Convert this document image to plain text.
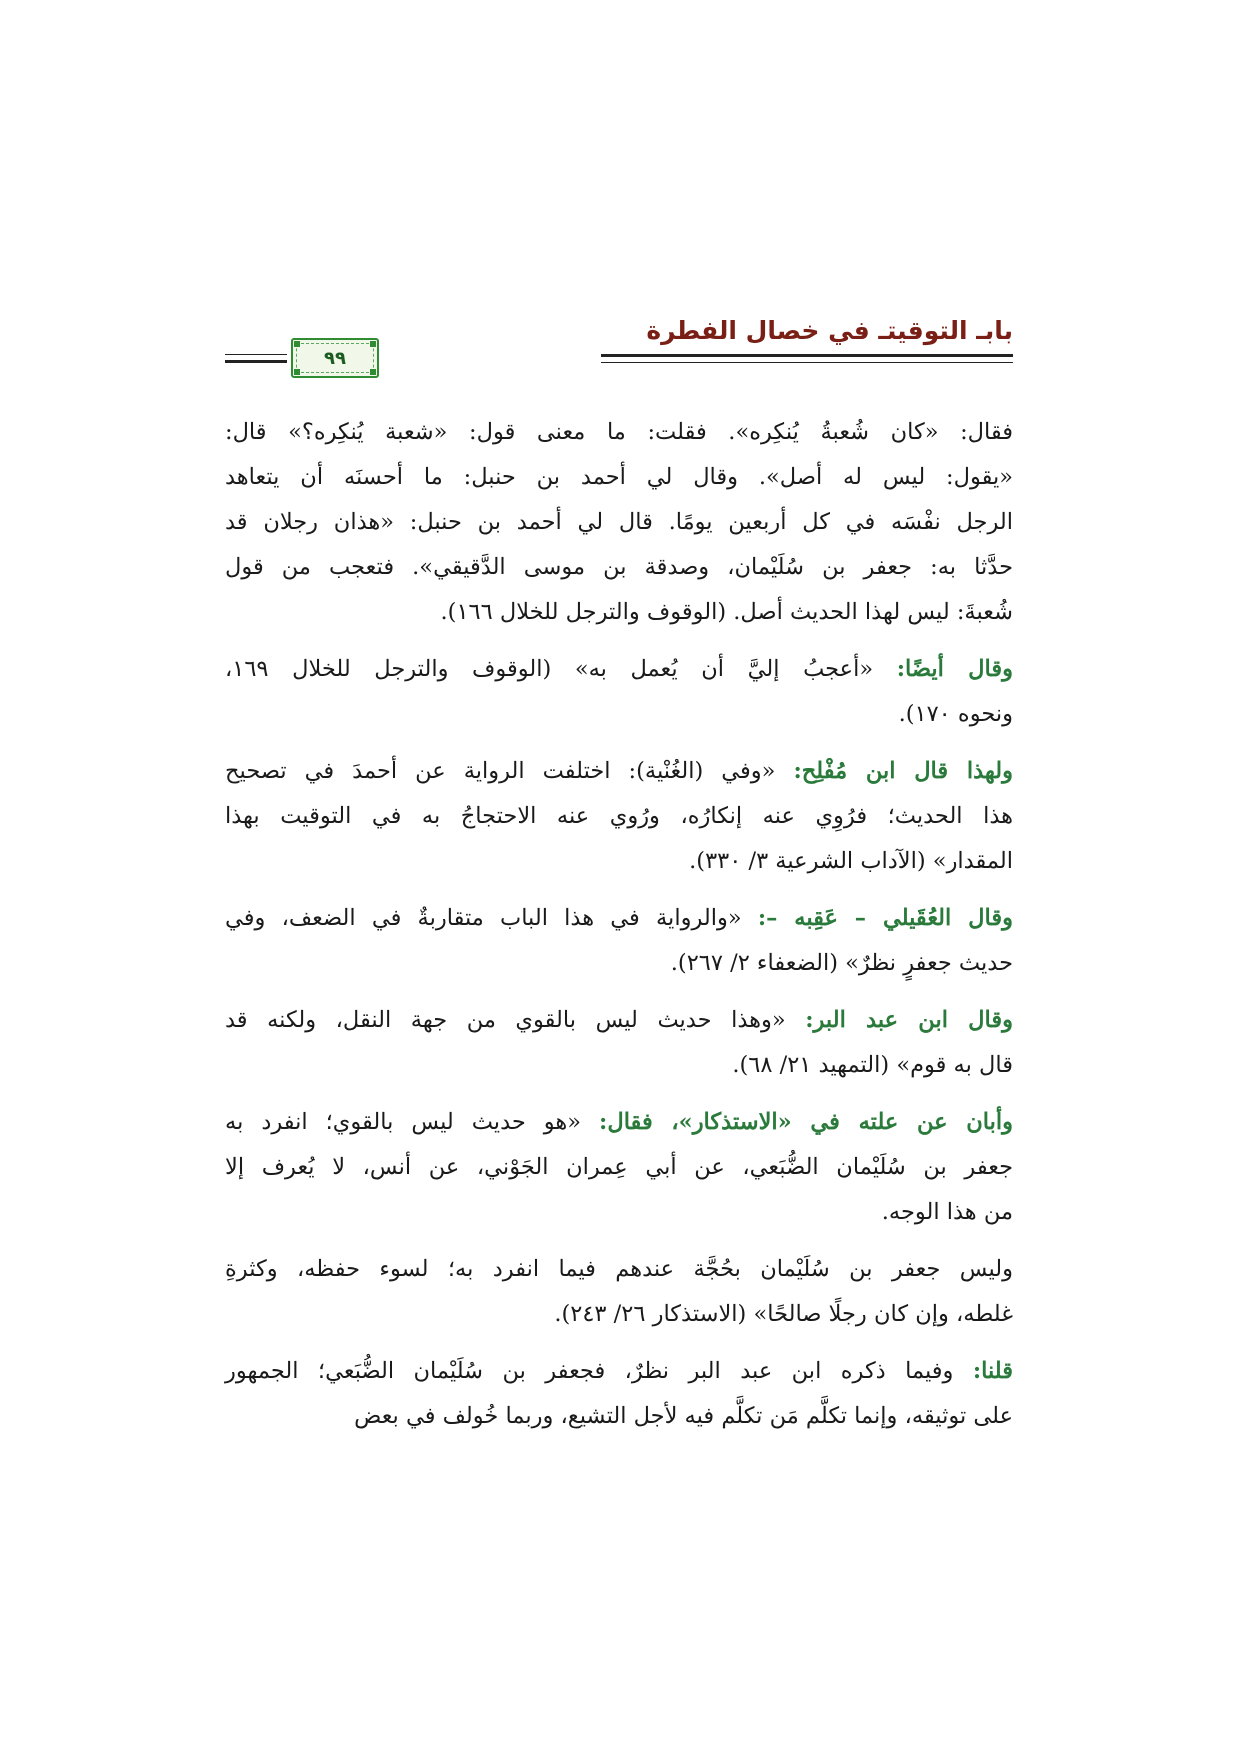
بابـ التوقيتـ في خصال الفطرة
٩٩
فقال: «كان شُعبةُ يُنكِره». فقلت: ما معنى قول: «شعبة يُنكِره؟» قال:
«يقول: ليس له أصل». وقال لي أحمد بن حنبل: ما أحسنَه أن يتعاهد
الرجل نفْسَه في كل أربعين يومًا. قال لي أحمد بن حنبل: «هذان رجلان قد
حدَّثا به: جعفر بن سُلَيْمان، وصدقة بن موسى الدَّقيقي». فتعجب من قول
شُعبةَ: ليس لهذا الحديث أصل. (الوقوف والترجل للخلال ١٦٦).
وقال أيضًا: «أعجبُ إليَّ أن يُعمل به» (الوقوف والترجل للخلال ١٦٩،
ونحوه ١٧٠).
ولهذا قال ابن مُفْلِح: «وفي (الغُنْية): اختلفت الرواية عن أحمدَ في تصحيح
هذا الحديث؛ فرُوِي عنه إنكارُه، ورُوي عنه الاحتجاجُ به في التوقيت بهذا
المقدار» (الآداب الشرعية ٣/ ٣٣٠).
وقال العُقَيلي – عَقِبه –: «والرواية في هذا الباب متقاربةٌ في الضعف، وفي
حديث جعفرٍ نظرٌ» (الضعفاء ٢/ ٢٦٧).
وقال ابن عبد البر: «وهذا حديث ليس بالقوي من جهة النقل، ولكنه قد
قال به قوم» (التمهيد ٢١/ ٦٨).
وأبان عن علته في «الاستذكار»، فقال: «هو حديث ليس بالقوي؛ انفرد به
جعفر بن سُلَيْمان الضُّبَعي، عن أبي عِمران الجَوْني، عن أنس، لا يُعرف إلا
من هذا الوجه.
وليس جعفر بن سُلَيْمان بحُجَّة عندهم فيما انفرد به؛ لسوء حفظه، وكثرةِ
غلطه، وإن كان رجلًا صالحًا» (الاستذكار ٢٦/ ٢٤٣).
قلنا: وفيما ذكره ابن عبد البر نظرٌ، فجعفر بن سُلَيْمان الضُّبَعي؛ الجمهور
على توثيقه، وإنما تكلَّم مَن تكلَّم فيه لأجل التشيع، وربما خُولف في بعض
